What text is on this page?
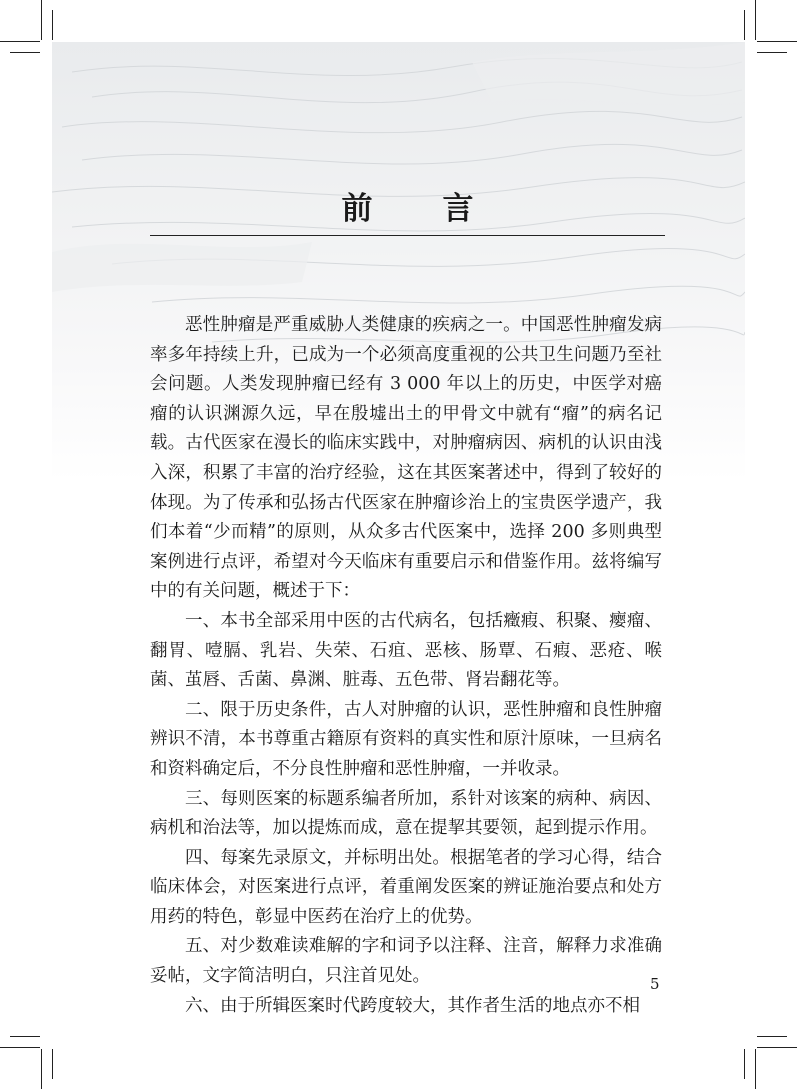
前 言

恶性肿瘤是严重威胁人类健康的疾病之一。中国恶性肿瘤发病率多年持续上升，已成为一个必须高度重视的公共卫生问题乃至社会问题。人类发现肿瘤已经有 3 000 年以上的历史，中医学对癌瘤的认识渊源久远，早在殷墟出土的甲骨文中就有“瘤”的病名记载。古代医家在漫长的临床实践中，对肿瘤病因、病机的认识由浅入深，积累了丰富的治疗经验，这在其医案著述中，得到了较好的体现。为了传承和弘扬古代医家在肿瘤诊治上的宝贵医学遗产，我们本着“少而精”的原则，从众多古代医案中，选择 200 多则典型案例进行点评，希望对今天临床有重要启示和借鉴作用。兹将编写中的有关问题，概述于下：

一、本书全部采用中医的古代病名，包括癥瘕、积聚、瘿瘤、翻胃、噎膈、乳岩、失荣、石疽、恶核、肠覃、石瘕、恶疮、喉菌、茧唇、舌菌、鼻渊、脏毒、五色带、肾岩翻花等。

二、限于历史条件，古人对肿瘤的认识，恶性肿瘤和良性肿瘤辨识不清，本书尊重古籍原有资料的真实性和原汁原味，一旦病名和资料确定后，不分良性肿瘤和恶性肿瘤，一并收录。

三、每则医案的标题系编者所加，系针对该案的病种、病因、病机和治法等，加以提炼而成，意在提挈其要领，起到提示作用。

四、每案先录原文，并标明出处。根据笔者的学习心得，结合临床体会，对医案进行点评，着重阐发医案的辨证施治要点和处方用药的特色，彰显中医药在治疗上的优势。

五、对少数难读难解的字和词予以注释、注音，解释力求准确妥帖，文字简洁明白，只注首见处。

六、由于所辑医案时代跨度较大，其作者生活的地点亦不相

5
